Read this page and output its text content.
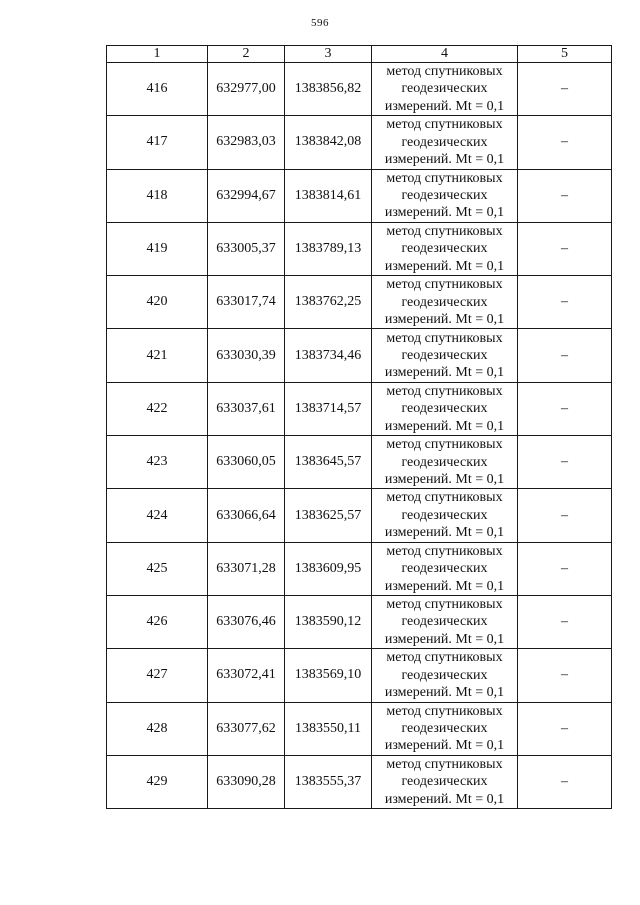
596
1	2	3	4	5
416	632977,00	1383856,82	метод спутниковых
геодезических
измерений. Mt = 0,1	–
417	632983,03	1383842,08	метод спутниковых
геодезических
измерений. Mt = 0,1	–
418	632994,67	1383814,61	метод спутниковых
геодезических
измерений. Mt = 0,1	–
419	633005,37	1383789,13	метод спутниковых
геодезических
измерений. Mt = 0,1	–
420	633017,74	1383762,25	метод спутниковых
геодезических
измерений. Mt = 0,1	–
421	633030,39	1383734,46	метод спутниковых
геодезических
измерений. Mt = 0,1	–
422	633037,61	1383714,57	метод спутниковых
геодезических
измерений. Mt = 0,1	–
423	633060,05	1383645,57	метод спутниковых
геодезических
измерений. Mt = 0,1	–
424	633066,64	1383625,57	метод спутниковых
геодезических
измерений. Mt = 0,1	–
425	633071,28	1383609,95	метод спутниковых
геодезических
измерений. Mt = 0,1	–
426	633076,46	1383590,12	метод спутниковых
геодезических
измерений. Mt = 0,1	–
427	633072,41	1383569,10	метод спутниковых
геодезических
измерений. Mt = 0,1	–
428	633077,62	1383550,11	метод спутниковых
геодезических
измерений. Mt = 0,1	–
429	633090,28	1383555,37	метод спутниковых
геодезических
измерений. Mt = 0,1	–
